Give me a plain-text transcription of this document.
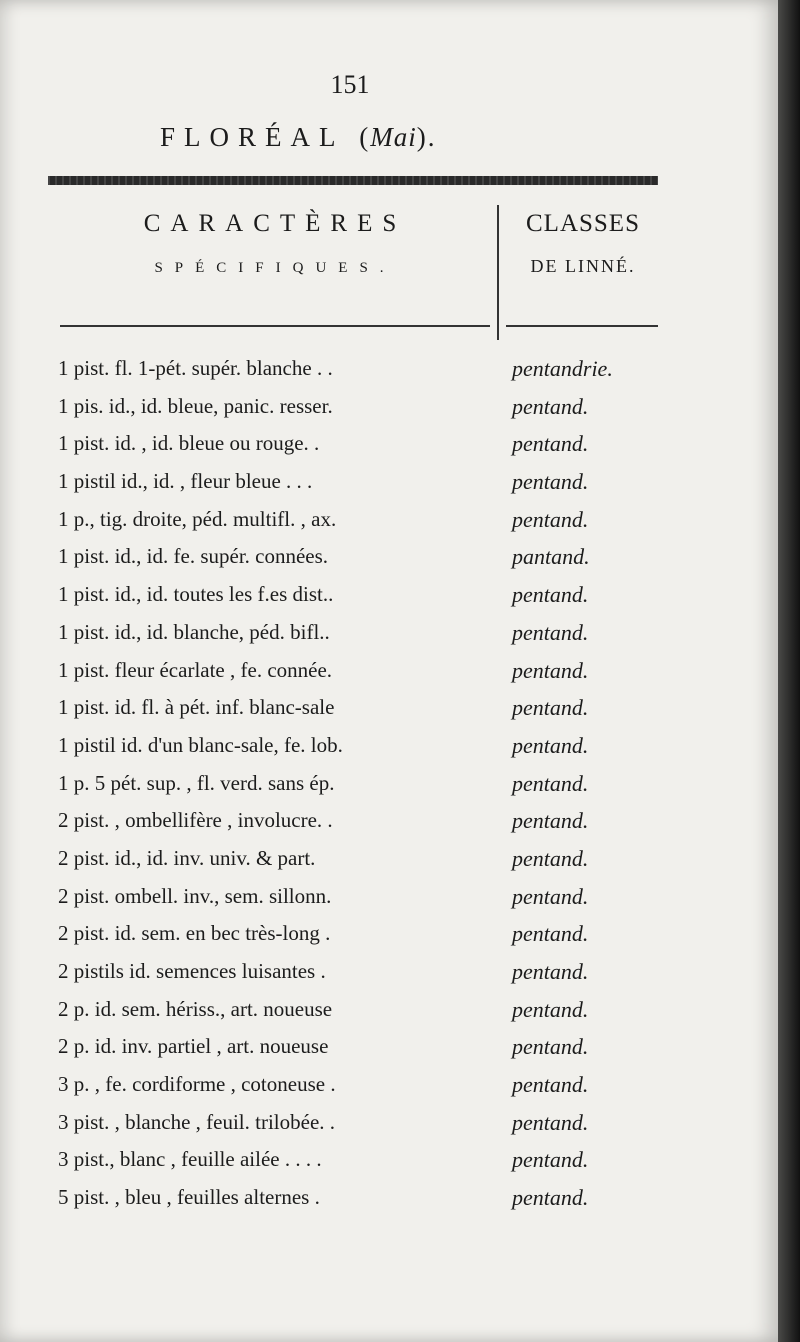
151
FLORÉAL (Mai).
CARACTÈRES
SPÉCIFIQUES.
CLASSES
DE LINNÉ.
1 pist. fl. 1-pét. supér. blanche . .	pentandrie.
1 pis. id., id. bleue, panic. resser.	pentand.
1 pist. id. , id. bleue ou rouge. .	pentand.
1 pistil id., id. , fleur bleue . . .	pentand.
1 p., tig. droite, péd. multifl. , ax.	pentand.
1 pist. id., id. fe. supér. connées.	pantand.
1 pist. id., id. toutes les f.es dist..	pentand.
1 pist. id., id. blanche, péd. bifl..	pentand.
1 pist. fleur écarlate , fe. connée.	pentand.
1 pist. id. fl. à pét. inf. blanc-sale	pentand.
1 pistil id. d'un blanc-sale, fe. lob.	pentand.
1 p. 5 pét. sup. , fl. verd. sans ép.	pentand.
2 pist. , ombellifère , involucre. .	pentand.
2 pist. id., id. inv. univ. & part.	pentand.
2 pist. ombell. inv., sem. sillonn.	pentand.
2 pist. id. sem. en bec très-long .	pentand.
2 pistils id. semences luisantes .	pentand.
2 p. id. sem. hériss., art. noueuse	pentand.
2 p. id. inv. partiel , art. noueuse	pentand.
3 p. , fe. cordiforme , cotoneuse .	pentand.
3 pist. , blanche , feuil. trilobée. .	pentand.
3 pist., blanc , feuille ailée . . . .	pentand.
5 pist. , bleu , feuilles alternes .	pentand.
